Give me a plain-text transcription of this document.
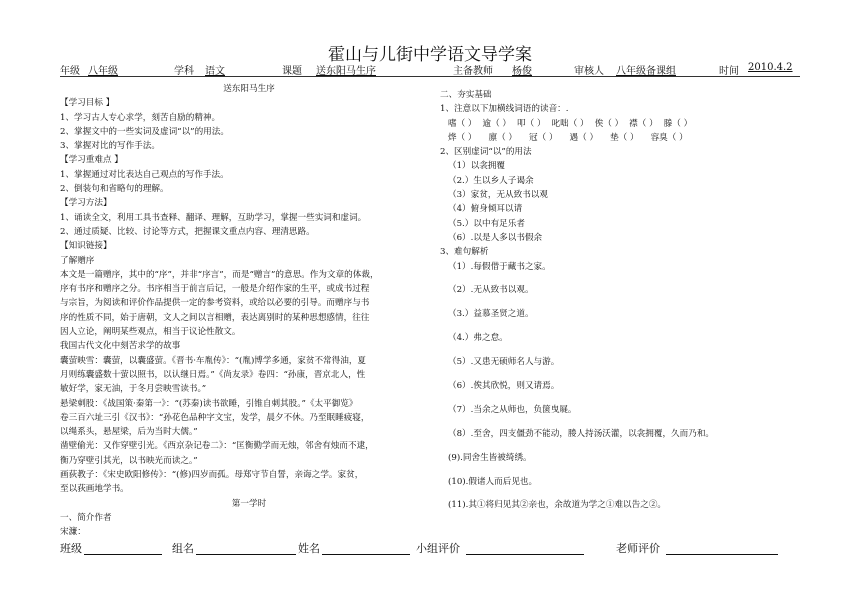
霍山与儿街中学语文导学案
年级 八年级	学科 语文	课题 送东阳马生序	主备教师 杨俊	审核人 八年级备课组	时间 2010.4.2
送东阳马生序
【学习目标 】
1、学习古人专心求学，刻苦自励的精神。
2、掌握文中的一些实词及虚词“以”的用法。
3、掌握对比的写作手法。
【学习重难点 】
1、掌握通过对比表达自己观点的写作手法。
2、倒装句和省略句的理解。
【学习方法】
1、诵读全文，利用工具书查释、翻译、理解，互助学习，掌握一些实词和虚词。
2、通过质疑、比较、讨论等方式，把握课文重点内容、理清思路。
【知识链接】
了解赠序
本文是一篇赠序，其中的“序”，并非“序言”，而是“赠言”的意思。作为文章的体裁，
序有书序和赠序之分。书序相当于前言后记，一般是介绍作家的生平，或成书过程
与宗旨，为阅读和评价作品提供一定的参考资料，或给以必要的引导。而赠序与书
序的性质不同，始于唐朝，文人之间以言相赠，表达离别时的某种思想感情，往往
因人立论，阐明某些观点，相当于议论性散文。
我国古代文化中刻苦求学的故事
囊萤映雪：囊萤，以囊盛萤。《晋书·车胤传》：“(胤)博学多通，家贫不常得油，夏
月则练囊盛数十萤以照书，以认继日焉。”《尚友录》卷四：“孙康，晋京北人，性
敏好学，家无油，于冬月尝映雪读书。”
悬梁刺股：《战国策·秦第一》：“(苏秦)读书欲睡，引锥自刺其股。”《太平御览》
卷三百六址三引《汉书》：“孙花色品种字文宝，发学，晨夕不休。乃至眠睡疲寝，
以绳系头，悬屋梁，后为当时大儒。”
凿壁偷光：又作穿壁引光。《西京杂记卷二》：“匡衡勤学而无烛，邻舍有烛而不逮，
衡乃穿壁引其光，以书映光而读之。”
画荻教子：《宋史欧阳修传》：“(修)四岁而孤。母郑守节自誓，亲诲之学。家贫，
至以荻画地学书。
第一学时
一、简介作者
宋濂：
二、夯实基础
1、注意以下加横线词语的读音：.
嗜（ ） 逾（ ） 叩（ ） 叱咄（ ） 俟（ ） 襟（ ） 滕（ ）
烨（ ） 廪（ ） 冠（ ） 遇（ ） 垫（ ） 容臭（ ）
2、区别虚词“以”的用法
（1）以衾拥覆
（2.）生以乡人子谒余
（3）家贫，无从致书以观
（4）俯身倾耳以请
（5.）以中有足乐者
（6）.以是人多以书假余
3、难句解析
（1）.每假借于藏书之家。
（2）.无从致书以观。
（3.）益慕圣贤之道。
（4.）弗之怠。
（5）.又患无硕师名人与游。
（6）.俟其欣悦，则又请焉。
（7）.当余之从师也，负箧曳屣。
（8）.至舍，四支僵劲不能动，媵人持汤沃灌，以衾拥覆，久而乃和。
(9).同舍生皆被绮绣。
(10).假诸人而后见也。
(11).其①将归见其②亲也，余故道为学之①难以告之②。
班级	组名	姓名	小组评价	老师评价
